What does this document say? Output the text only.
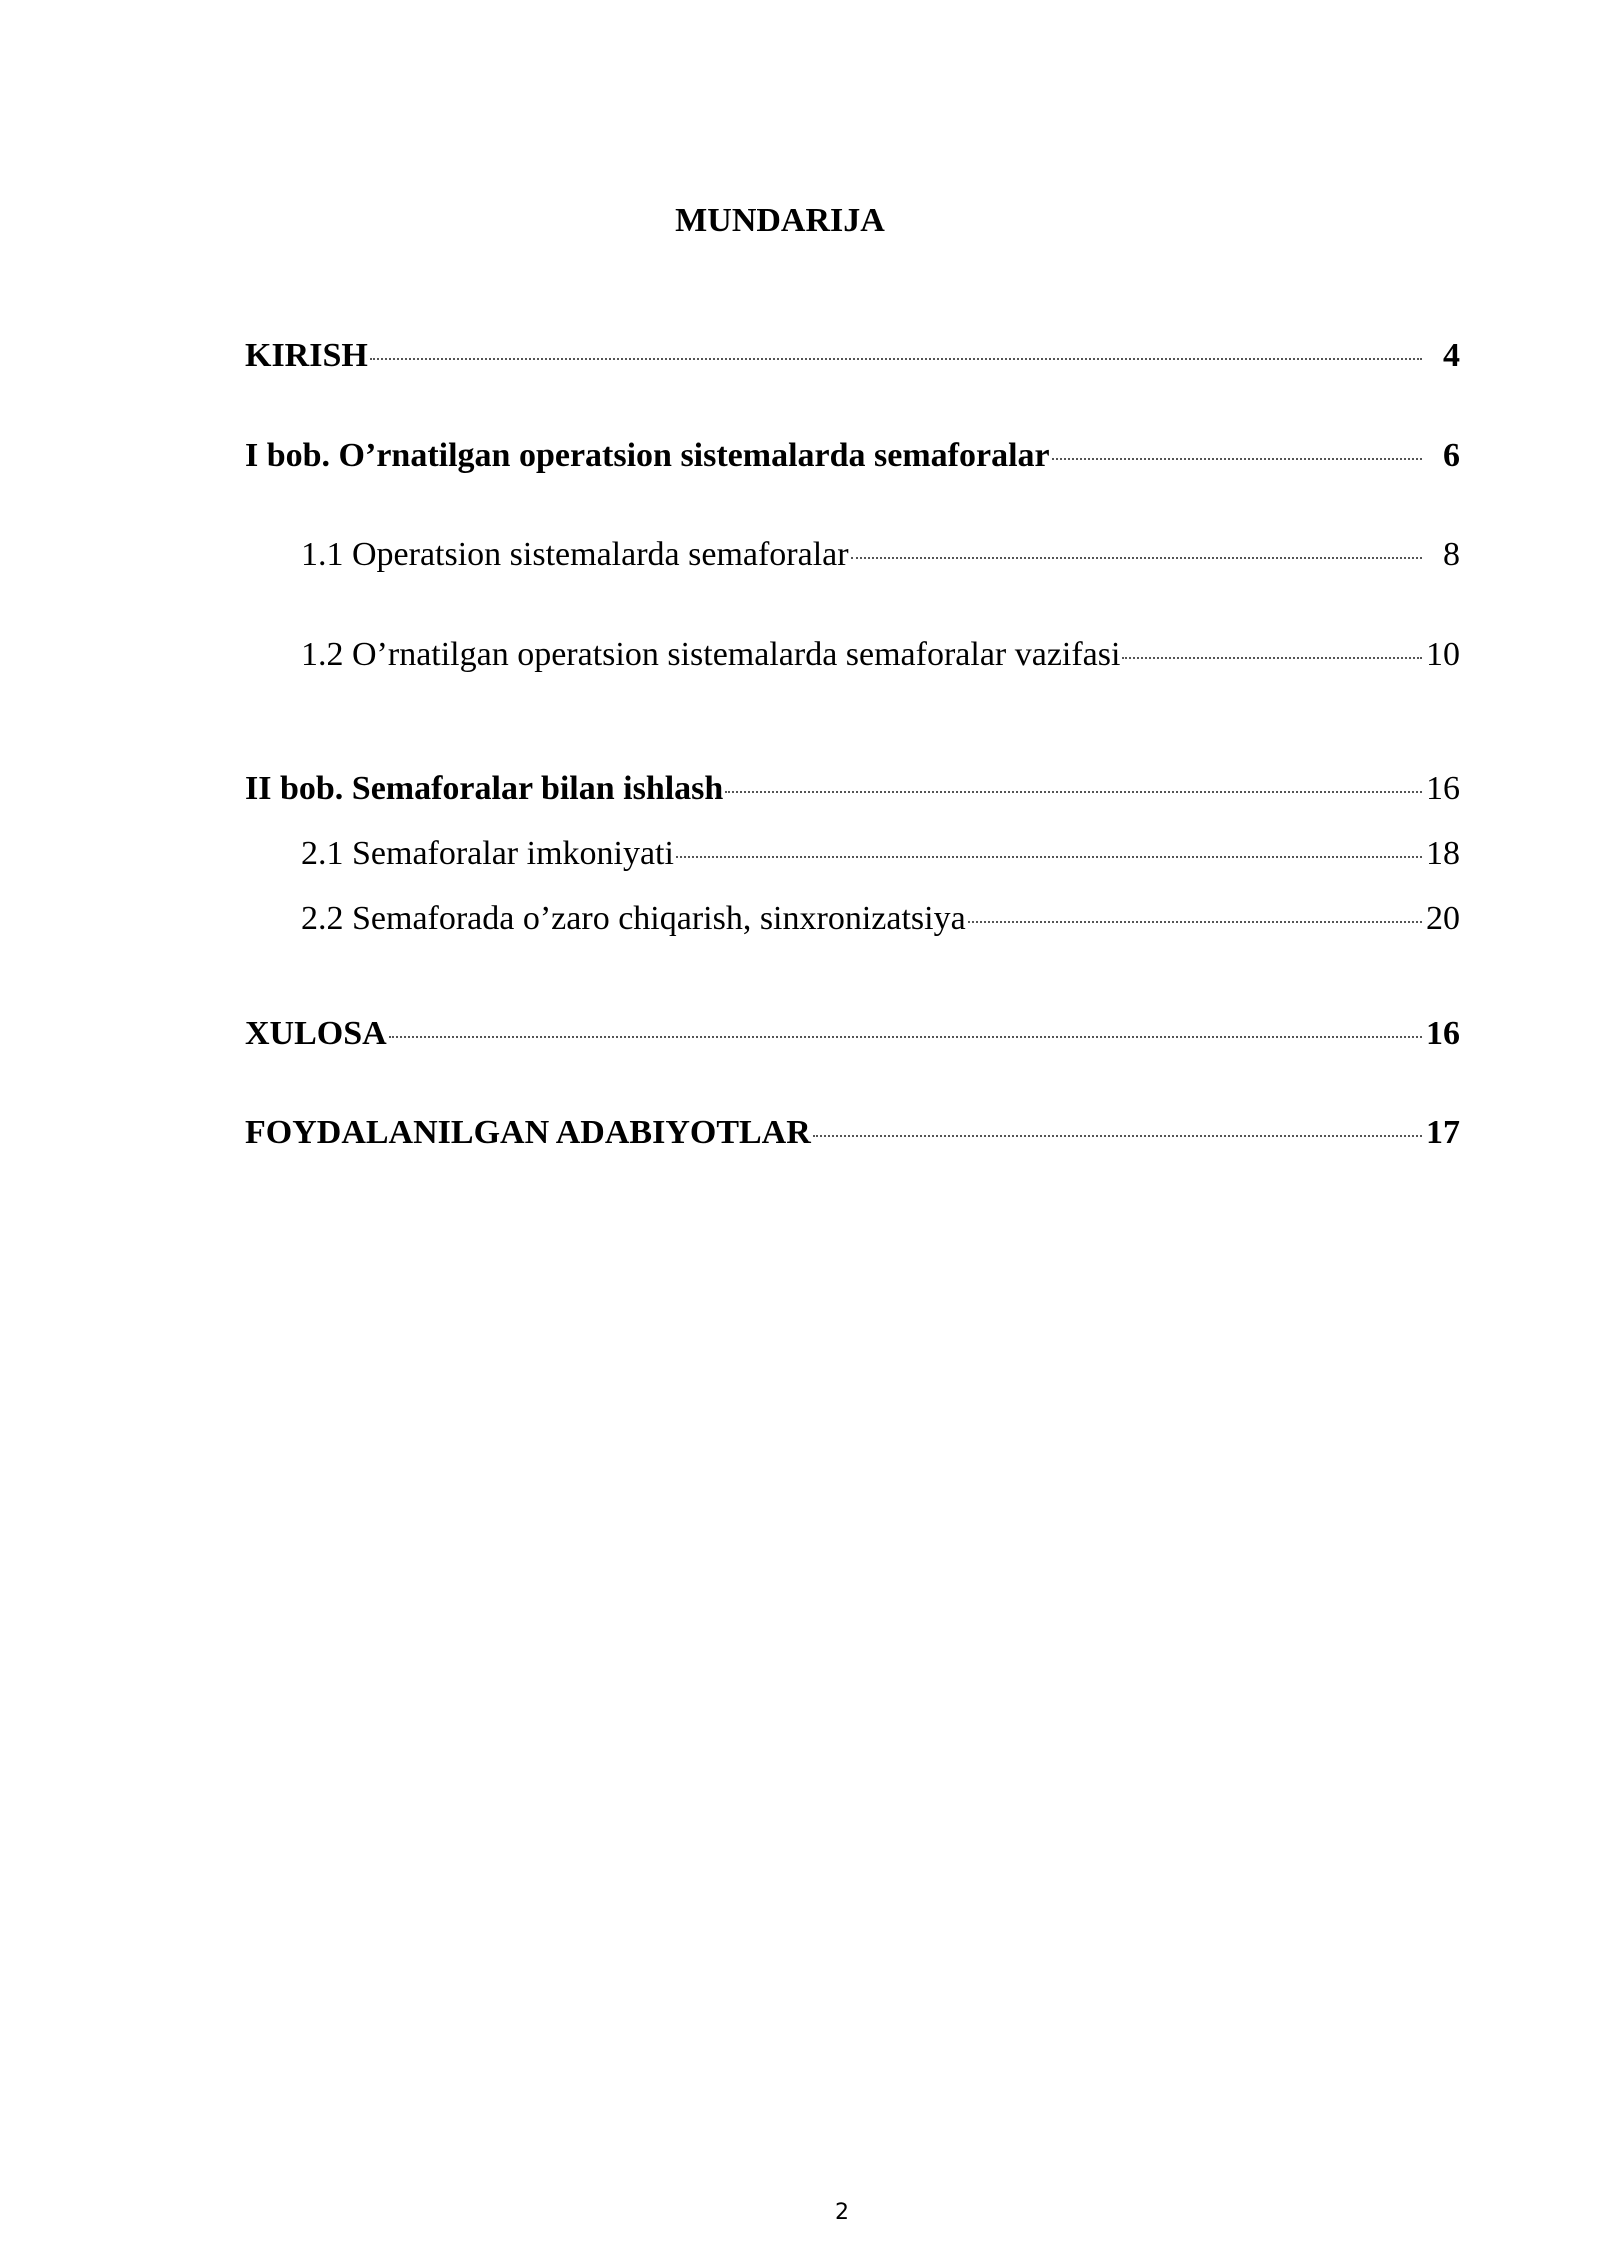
MUNDARIJA
KIRISH	4
I bob. O’rnatilgan operatsion sistemalarda semaforalar	6
1.1 Operatsion sistemalarda semaforalar	8
1.2 O’rnatilgan operatsion sistemalarda semaforalar vazifasi	10
II bob. Semaforalar bilan ishlash	16
2.1 Semaforalar imkoniyati	18
2.2 Semaforada o’zaro chiqarish, sinxronizatsiya	20
XULOSA	16
FOYDALANILGAN ADABIYOTLAR	17
2
